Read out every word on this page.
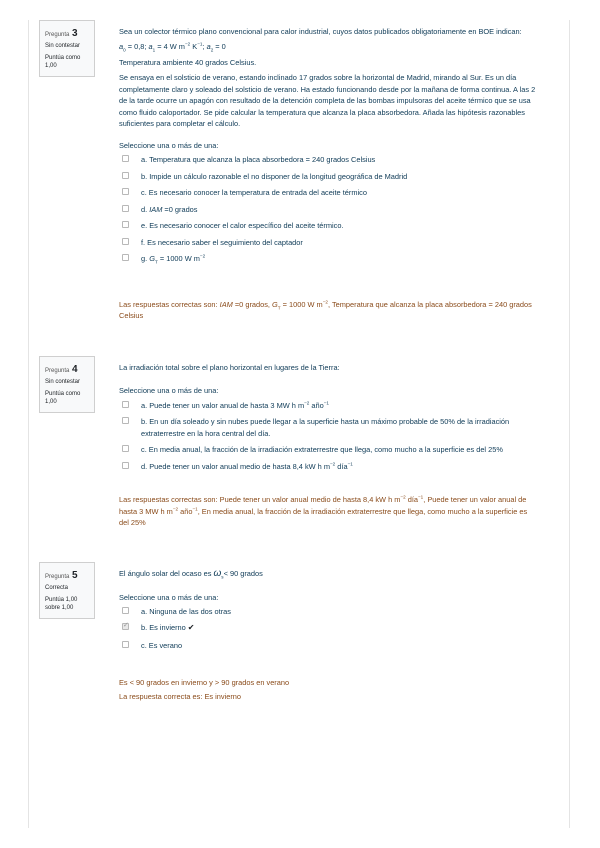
Pregunta 3
Sin contestar
Puntúa como
1,00

Sea un colector térmico plano convencional para calor industrial, cuyos datos publicados obligatoriamente en BOE indican:

$a_0 = 0,8$; $a_1 = 4$ W $m^{-2}$ $K^{-1}$; $a_2 = 0$

Temperatura ambiente 40 grados Celsius.

Se ensaya en el solsticio de verano, estando inclinado 17 grados sobre la horizontal de Madrid, mirando al Sur. Es un día completamente claro y soleado del solsticio de verano. Ha estado funcionando desde por la mañana de forma continua. A las 2 de la tarde ocurre un apagón con resultado de la detención completa de las bombas impulsoras del aceite térmico que se usa como fluido caloportador. Se pide calcular la temperatura que alcanza la placa absorbedora. Añada las hipótesis razonables suficientes para completar el cálculo.

Seleccione una o más de una:
a. Temperatura que alcanza la placa absorbedora = 240 grados Celsius
b. Impide un cálculo razonable el no disponer de la longitud geográfica de Madrid
c. Es necesario conocer la temperatura de entrada del aceite térmico
d. IAM =0 grados
e. Es necesario conocer el calor específico del aceite térmico.
f. Es necesario saber el seguimiento del captador
g. $G_T = 1000$ W $m^{-2}$

Las respuestas correctas son: IAM =0 grados, $G_T = 1000$ W $m^{-2}$, Temperatura que alcanza la placa absorbedora = 240 grados Celsius

Pregunta 4
Sin contestar
Puntúa como
1,00
La irradiación total sobre el plano horizontal en lugares de la Tierra:
Seleccione una o más de una:
a. Puede tener un valor anual de hasta 3 MW h $m^{-2}$ año$^{-1}$
b. En un día soleado y sin nubes puede llegar a la superficie hasta un máximo probable de 50% de la irradiación extraterrestre en la hora central del día.
c. En media anual, la fracción de la irradiación extraterrestre que llega, como mucho a la superficie es del 25%
d. Puede tener un valor anual medio de hasta 8,4 kW h $m^{-2}$ día$^{-1}$

Las respuestas correctas son: Puede tener un valor anual medio de hasta 8,4 kW h $m^{-2}$ día$^{-1}$, Puede tener un valor anual de hasta 3 MW h $m^{-2}$ año$^{-1}$, En media anual, la fracción de la irradiación extraterrestre que llega, como mucho a la superficie es del 25%

Pregunta 5
Correcta
Puntúa 1,00 sobre 1,00
El ángulo solar del ocaso es $\omega_s< 90$ grados
Seleccione una o más de una:
a. Ninguna de las dos otras
✓
b. Es invierno ✔
c. Es verano

Es < 90 grados en invierno y > 90 grados en verano

La respuesta correcta es: Es invierno
